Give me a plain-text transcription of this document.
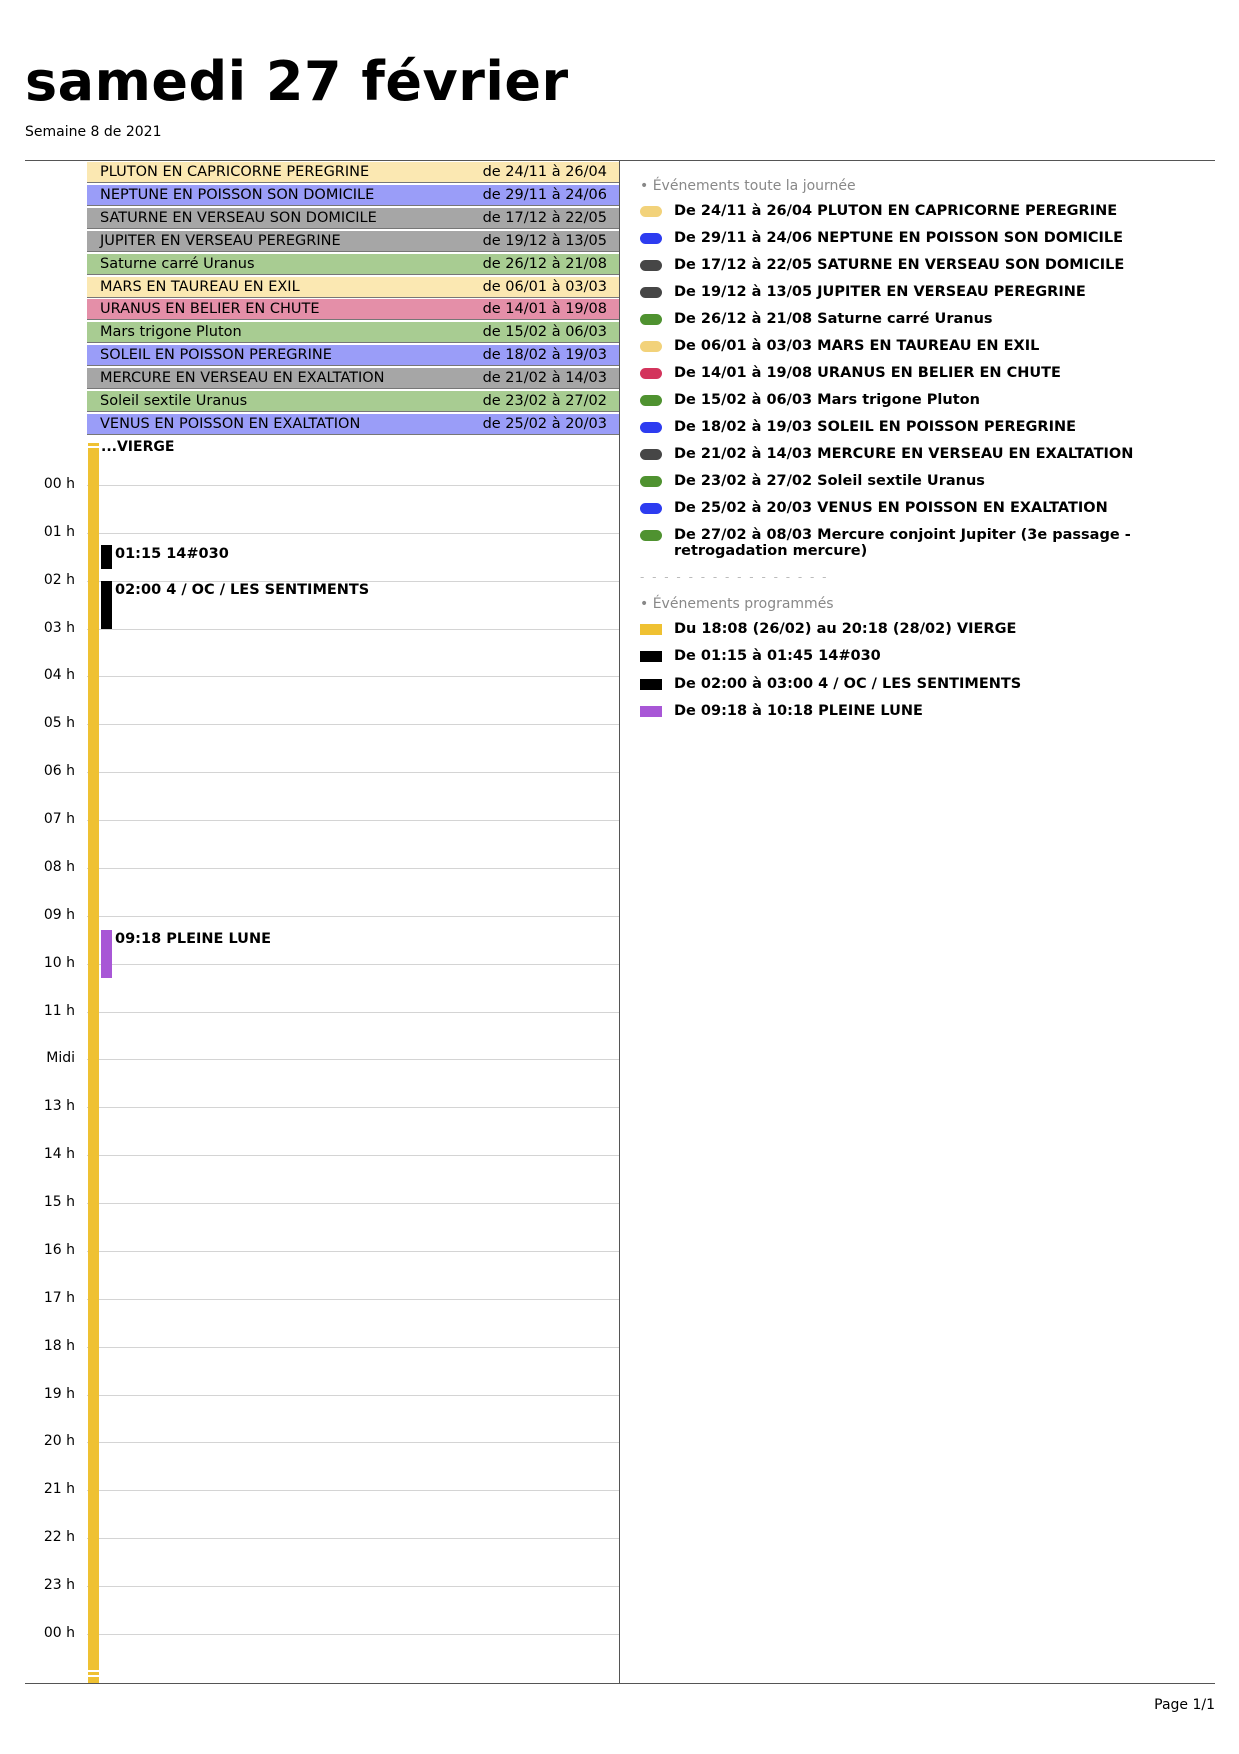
samedi 27 février
Semaine 8 de 2021
PLUTON EN CAPRICORNE PEREGRINE	de 24/11 à 26/04
NEPTUNE EN POISSON SON DOMICILE	de 29/11 à 24/06
SATURNE EN VERSEAU SON DOMICILE	de 17/12 à 22/05
JUPITER EN VERSEAU PEREGRINE	de 19/12 à 13/05
Saturne carré Uranus	de 26/12 à 21/08
MARS EN TAUREAU EN EXIL	de 06/01 à 03/03
URANUS EN BELIER EN CHUTE	de 14/01 à 19/08
Mars trigone Pluton	de 15/02 à 06/03
SOLEIL EN POISSON PEREGRINE	de 18/02 à 19/03
MERCURE EN VERSEAU EN EXALTATION	de 21/02 à 14/03
Soleil sextile Uranus	de 23/02 à 27/02
VENUS EN POISSON EN EXALTATION	de 25/02 à 20/03
00 h
01 h
02 h
03 h
04 h
05 h
06 h
07 h
08 h
09 h
10 h
11 h
Midi
13 h
14 h
15 h
16 h
17 h
18 h
19 h
20 h
21 h
22 h
23 h
00 h
...VIERGE
01:15 14#030
02:00 4 / OC / LES SENTIMENTS
09:18 PLEINE LUNE
• Événements toute la journée
De 24/11 à 26/04 PLUTON EN CAPRICORNE PEREGRINE
De 29/11 à 24/06 NEPTUNE EN POISSON SON DOMICILE
De 17/12 à 22/05 SATURNE EN VERSEAU SON DOMICILE
De 19/12 à 13/05 JUPITER EN VERSEAU PEREGRINE
De 26/12 à 21/08 Saturne carré Uranus
De 06/01 à 03/03 MARS EN TAUREAU EN EXIL
De 14/01 à 19/08 URANUS EN BELIER EN CHUTE
De 15/02 à 06/03 Mars trigone Pluton
De 18/02 à 19/03 SOLEIL EN POISSON PEREGRINE
De 21/02 à 14/03 MERCURE EN VERSEAU EN EXALTATION
De 23/02 à 27/02 Soleil sextile Uranus
De 25/02 à 20/03 VENUS EN POISSON EN EXALTATION
De 27/02 à 08/03 Mercure conjoint Jupiter (3e passage -
retrogadation mercure)
- - - - - - - - - - - - - - - -
• Événements programmés
Du 18:08 (26/02) au 20:18 (28/02) VIERGE
De 01:15 à 01:45 14#030
De 02:00 à 03:00 4 / OC / LES SENTIMENTS
De 09:18 à 10:18 PLEINE LUNE
Page 1/1
